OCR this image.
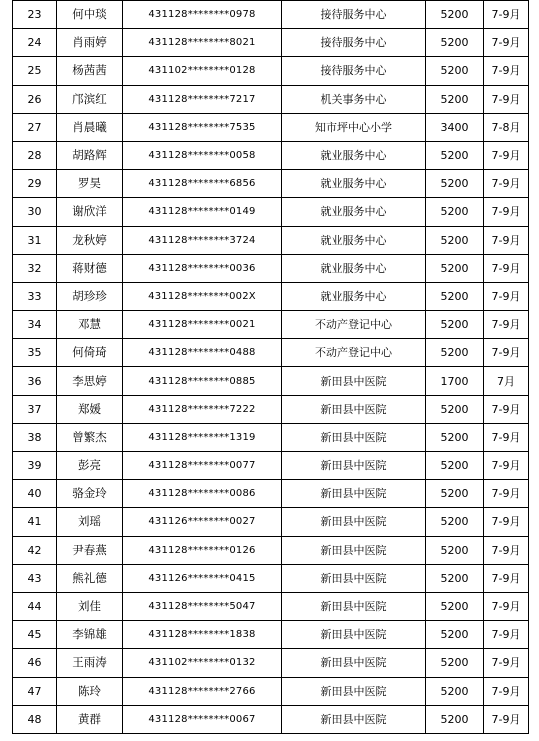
23	何中琰	431128********0978	接待服务中心	5200	7-9月
24	肖雨婷	431128********8021	接待服务中心	5200	7-9月
25	杨茜茜	431102********0128	接待服务中心	5200	7-9月
26	邝滨红	431128********7217	机关事务中心	5200	7-9月
27	肖晨曦	431128********7535	知市坪中心小学	3400	7-8月
28	胡路辉	431128********0058	就业服务中心	5200	7-9月
29	罗昊	431128********6856	就业服务中心	5200	7-9月
30	谢欣洋	431128********0149	就业服务中心	5200	7-9月
31	龙秋婷	431128********3724	就业服务中心	5200	7-9月
32	蒋财德	431128********0036	就业服务中心	5200	7-9月
33	胡珍珍	431128********002X	就业服务中心	5200	7-9月
34	邓慧	431128********0021	不动产登记中心	5200	7-9月
35	何倚琦	431128********0488	不动产登记中心	5200	7-9月
36	李思婷	431128********0885	新田县中医院	1700	7月
37	郑媛	431128********7222	新田县中医院	5200	7-9月
38	曾繁杰	431128********1319	新田县中医院	5200	7-9月
39	彭亮	431128********0077	新田县中医院	5200	7-9月
40	骆金玲	431128********0086	新田县中医院	5200	7-9月
41	刘瑶	431126********0027	新田县中医院	5200	7-9月
42	尹春燕	431128********0126	新田县中医院	5200	7-9月
43	熊礼德	431126********0415	新田县中医院	5200	7-9月
44	刘佳	431128********5047	新田县中医院	5200	7-9月
45	李锦雄	431128********1838	新田县中医院	5200	7-9月
46	王雨涛	431102********0132	新田县中医院	5200	7-9月
47	陈玲	431128********2766	新田县中医院	5200	7-9月
48	黄群	431128********0067	新田县中医院	5200	7-9月
